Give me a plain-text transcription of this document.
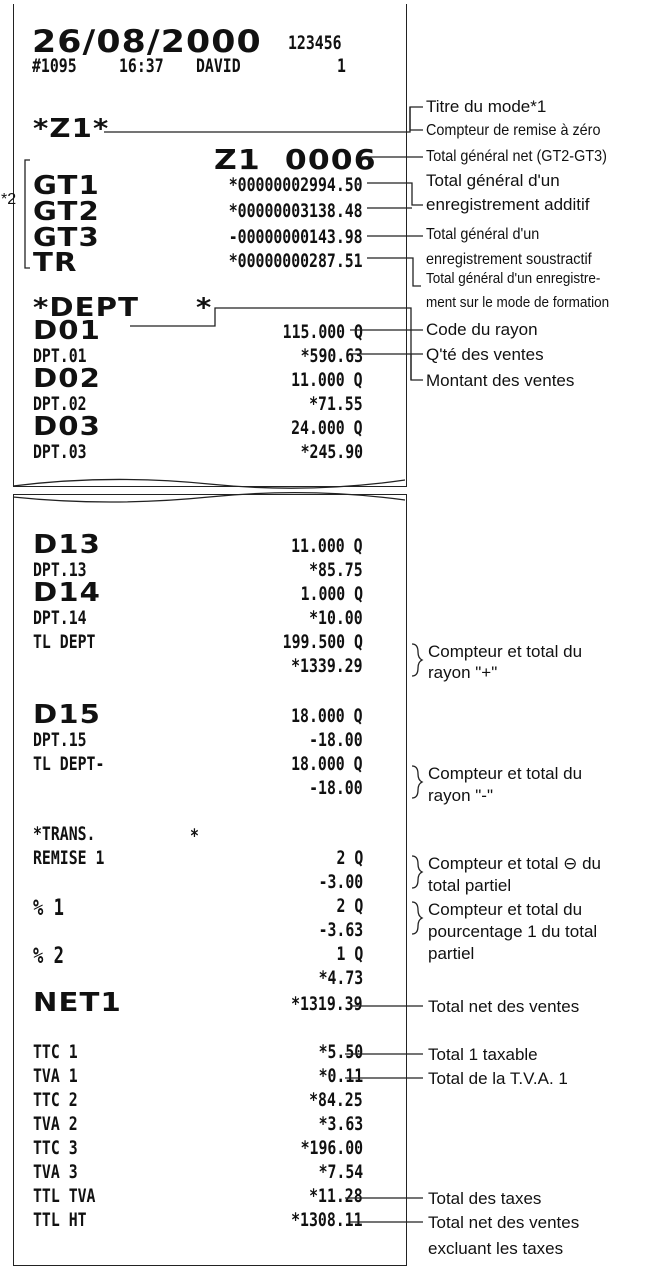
26/08/2000 123456
#1095 16:37 DAVID	1
*Z1*
Z1  0006
GT1	*00000002994.50
GT2	*00000003138.48
GT3	-00000000143.98
TR	*00000000287.51
*2
*DEPT *
D01	115.000 Q
DPT.01	*590.63
D02	11.000 Q
DPT.02	*71.55
D03	24.000 Q
DPT.03	*245.90
D13	11.000 Q
DPT.13	*85.75
D14	1.000 Q
DPT.14	*10.00
TL DEPT	199.500 Q
*1339.29
D15	18.000 Q
DPT.15	-18.00
TL DEPT-	18.000 Q
-18.00
*TRANS.	*
REMISE 1	2 Q
-3.00
% 1	2 Q
-3.63
% 2	1 Q
*4.73
NET1	*1319.39
TTC 1	*5.50
TVA 1	*0.11
TTC 2	*84.25
TVA 2	*3.63
TTC 3	*196.00
TVA 3	*7.54
TTL TVA	*11.28
TTL HT	*1308.11
Titre du mode*1
Compteur de remise à zéro
Total général net (GT2-GT3)
Total général d'un
enregistrement additif
Total général d'un
enregistrement soustractif
Total général d'un enregistre-
ment sur le mode de formation
Code du rayon
Q'té des ventes
Montant des ventes
Compteur et total du
rayon "+"
Compteur et total du
rayon "-"
Compteur et total ⊖ du
total partiel
Compteur et total du
pourcentage 1 du total
partiel
Total net des ventes
Total 1 taxable
Total de la T.V.A. 1
Total des taxes
Total net des ventes
excluant les taxes
